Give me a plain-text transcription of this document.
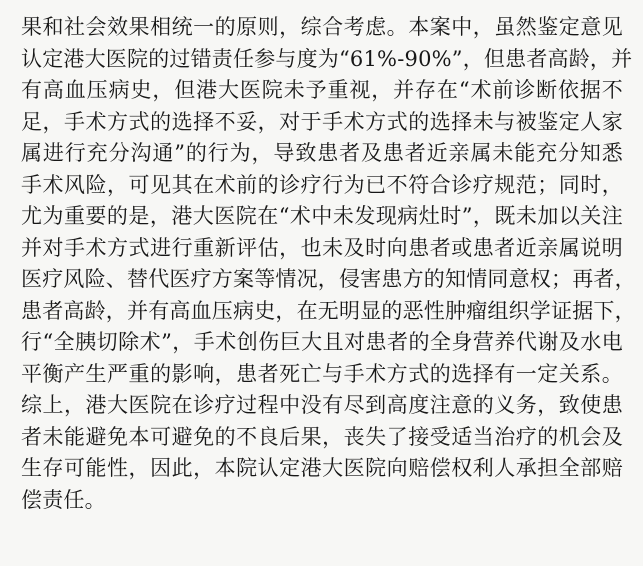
果和社会效果相统一的原则，综合考虑。本案中，虽然鉴定意见
认定港大医院的过错责任参与度为“61%-90%”，但患者高龄，并
有高血压病史，但港大医院未予重视，并存在“术前诊断依据不
足，手术方式的选择不妥，对于手术方式的选择未与被鉴定人家
属进行充分沟通”的行为，导致患者及患者近亲属未能充分知悉
手术风险，可见其在术前的诊疗行为已不符合诊疗规范；同时，
尤为重要的是，港大医院在“术中未发现病灶时”，既未加以关注
并对手术方式进行重新评估，也未及时向患者或患者近亲属说明
医疗风险、替代医疗方案等情况，侵害患方的知情同意权；再者，
患者高龄，并有高血压病史，在无明显的恶性肿瘤组织学证据下，
行“全胰切除术”，手术创伤巨大且对患者的全身营养代谢及水电
平衡产生严重的影响，患者死亡与手术方式的选择有一定关系。
综上，港大医院在诊疗过程中没有尽到高度注意的义务，致使患
者未能避免本可避免的不良后果，丧失了接受适当治疗的机会及
生存可能性，因此，本院认定港大医院向赔偿权利人承担全部赔
偿责任。
